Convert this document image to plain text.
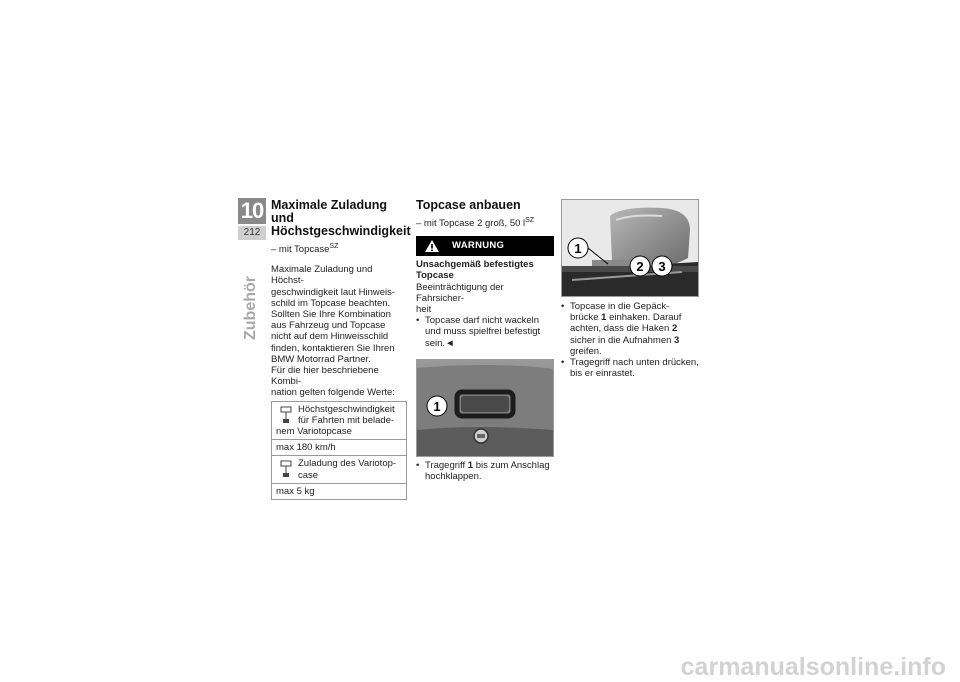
10
212
Zubehör
Maximale Zuladung und Höchstgeschwindigkeit
– mit Topcase$^{SZ}$
Maximale Zuladung und Höchst-
geschwindigkeit laut Hinweis-
schild im Topcase beachten.
Sollten Sie Ihre Kombination
aus Fahrzeug und Topcase
nicht auf dem Hinweisschild
finden, kontaktieren Sie Ihren
BMW Motorrad Partner.
Für die hier beschriebene Kombi-
nation gelten folgende Werte:
Höchstgeschwindigkeit
für Fahrten mit belade-
nem Variotopcase
max 180 km/h
Zuladung des Variotop-
case
max 5 kg
Topcase anbauen
– mit Topcase 2 groß, 50 $l^{SZ}$
WARNUNG
Unsachgemäß befestigtes
Topcase
Beeinträchtigung der Fahrsicher-
heit
• Topcase darf nicht wackeln
und muss spielfrei befestigt
sein.◄
1
• Tragegriff 1 bis zum Anschlag
hochklappen.
1
2 3
• Topcase in die Gepäck-
brücke 1 einhaken. Darauf
achten, dass die Haken 2
sicher in die Aufnahmen 3
greifen.
• Tragegriff nach unten drücken,
bis er einrastet.
carmanualsonline.info
